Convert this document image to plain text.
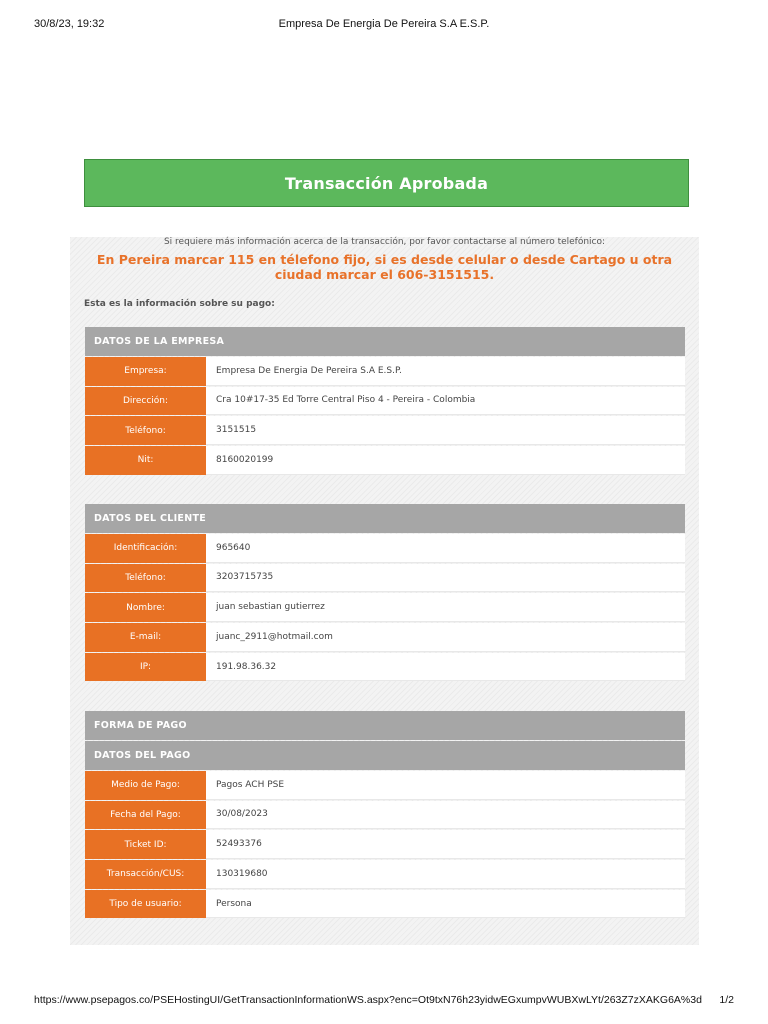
30/8/23, 19:32	Empresa De Energia De Pereira S.A E.S.P.
Transacción Aprobada
Si requiere más información acerca de la transacción, por favor contactarse al número telefónico:
En Pereira marcar 115 en télefono fijo, si es desde celular o desde Cartago u otra ciudad marcar el 606-3151515.
Esta es la información sobre su pago:
DATOS DE LA EMPRESA
Empresa:	Empresa De Energia De Pereira S.A E.S.P.
Dirección:	Cra 10#17-35 Ed Torre Central Piso 4 - Pereira - Colombia
Teléfono:	3151515
Nit:	8160020199
DATOS DEL CLIENTE
Identificación:	965640
Teléfono:	3203715735
Nombre:	juan sebastian gutierrez
E-mail:	juanc_2911@hotmail.com
IP:	191.98.36.32
FORMA DE PAGO
DATOS DEL PAGO
Medio de Pago:	Pagos ACH PSE
Fecha del Pago:	30/08/2023
Ticket ID:	52493376
Transacción/CUS:	130319680
Tipo de usuario:	Persona
https://www.psepagos.co/PSEHostingUI/GetTransactionInformationWS.aspx?enc=Ot9txN76h23yidwEGxumpvWUBXwLYt/263Z7zXAKG6A%3d 1/2
